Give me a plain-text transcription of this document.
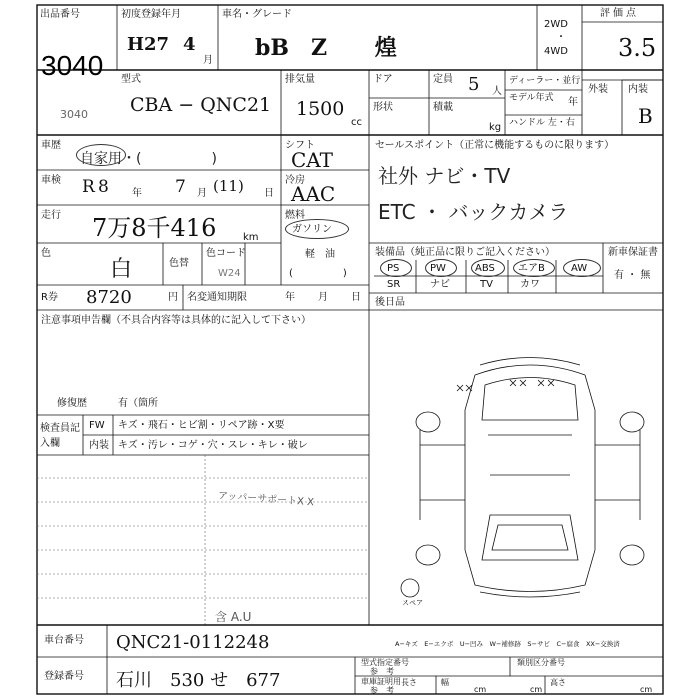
出品番号
3040
3040
初度登録年月
H27 4
月
車名・グレード
bB　Z 煌
2WD
・
4WD
評価点
3.5
外装 内装
B
型式
CBA − QNC21
排気量
1500
cc
ドア
形状
定員 5 人
積載
kg
ディーラー・並行
モデル年式	年
ハンドル 左・右
車歴
自家用・(　　　　　)
車検 R 8 年 7 月 (11) 日
走行 7万8千416	km
色
白	色替
色コード
W24
R券 8720	円 名変通知期限	年 月 日
シフト
CAT
冷房
AAC
燃料
ガソリン
軽　油
(　　　　　)
セールスポイント（正常に機能するものに限ります）
社外 ナビ・TV
ETC ・ バックカメラ
装備品（純正品に限りご記入ください）
PS	PW	ABS エアB	AW
SR	ナビ	TV	カワ
新車保証書
有 ・ 無
後日品
注意事項申告欄（不具合内容等は具体的に記入して下さい）
修復歴	有（箇所
検査員記入欄
FW キズ・飛石・ヒビ割・リペア跡・X要
内装 キズ・汚レ・コゲ・穴・スレ・キレ・破レ
アッパーサポートX X
含 A.U
スペア
A−キズ　E−エクボ　U−凹み　W−補修跡　S−サビ　C−腐食　XX−交換済
車台番号 QNC21-0112248
登録番号 石川　530 せ　677
型式指定番号
参　考
類別区分番号
車庫証明用
参　考
長さ
cm
幅
cm
高さ
cm
